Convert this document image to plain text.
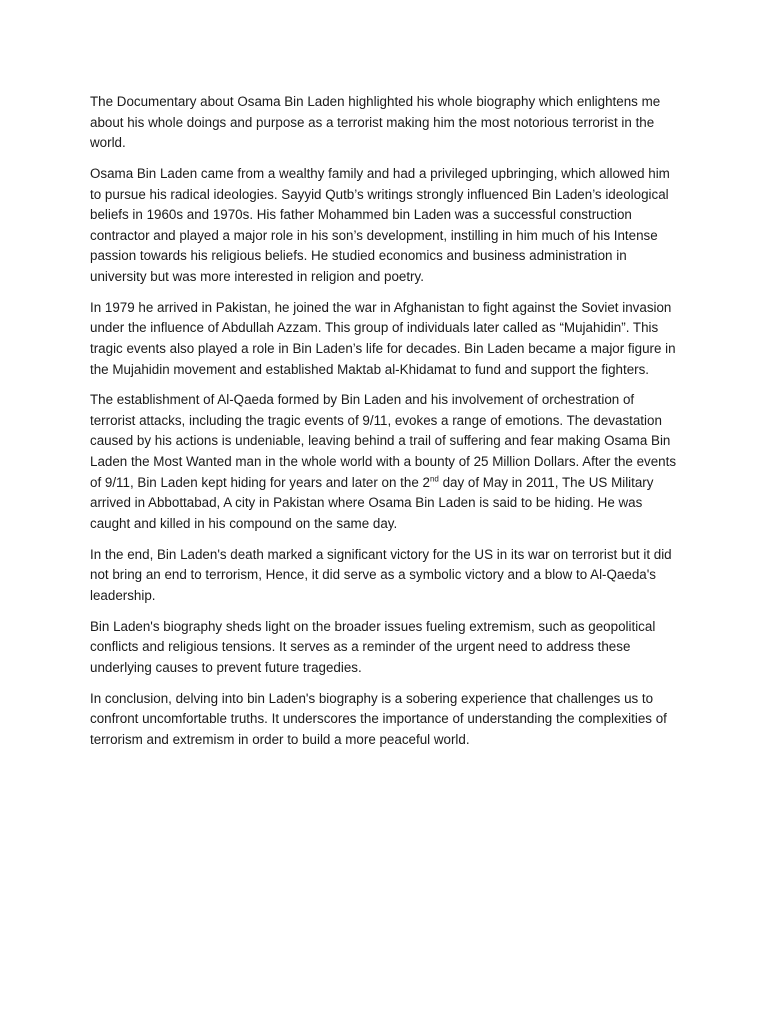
The Documentary about Osama Bin Laden highlighted his whole biography which enlightens me about his whole doings and purpose as a terrorist making him the most notorious terrorist in the world.

Osama Bin Laden came from a wealthy family and had a privileged upbringing, which allowed him to pursue his radical ideologies. Sayyid Qutb’s writings strongly influenced Bin Laden’s ideological beliefs in 1960s and 1970s. His father Mohammed bin Laden was a successful construction contractor and played a major role in his son’s development, instilling in him much of his Intense passion towards his religious beliefs. He studied economics and business administration in university but was more interested in religion and poetry.

In 1979 he arrived in Pakistan, he joined the war in Afghanistan to fight against the Soviet invasion under the influence of Abdullah Azzam. This group of individuals later called as “Mujahidin”. This tragic events also played a role in Bin Laden’s life for decades. Bin Laden became a major figure in the Mujahidin movement and established Maktab al-Khidamat to fund and support the fighters.

The establishment of Al-Qaeda formed by Bin Laden and his involvement of orchestration of terrorist attacks, including the tragic events of 9/11, evokes a range of emotions. The devastation caused by his actions is undeniable, leaving behind a trail of suffering and fear making Osama Bin Laden the Most Wanted man in the whole world with a bounty of 25 Million Dollars. After the events of 9/11, Bin Laden kept hiding for years and later on the 2nd day of May in 2011, The US Military arrived in Abbottabad, A city in Pakistan where Osama Bin Laden is said to be hiding. He was caught and killed in his compound on the same day.

In the end, Bin Laden's death marked a significant victory for the US in its war on terrorist but it did not bring an end to terrorism, Hence, it did serve as a symbolic victory and a blow to Al-Qaeda's leadership.

Bin Laden's biography sheds light on the broader issues fueling extremism, such as geopolitical conflicts and religious tensions. It serves as a reminder of the urgent need to address these underlying causes to prevent future tragedies.

In conclusion, delving into bin Laden's biography is a sobering experience that challenges us to confront uncomfortable truths. It underscores the importance of understanding the complexities of terrorism and extremism in order to build a more peaceful world.
